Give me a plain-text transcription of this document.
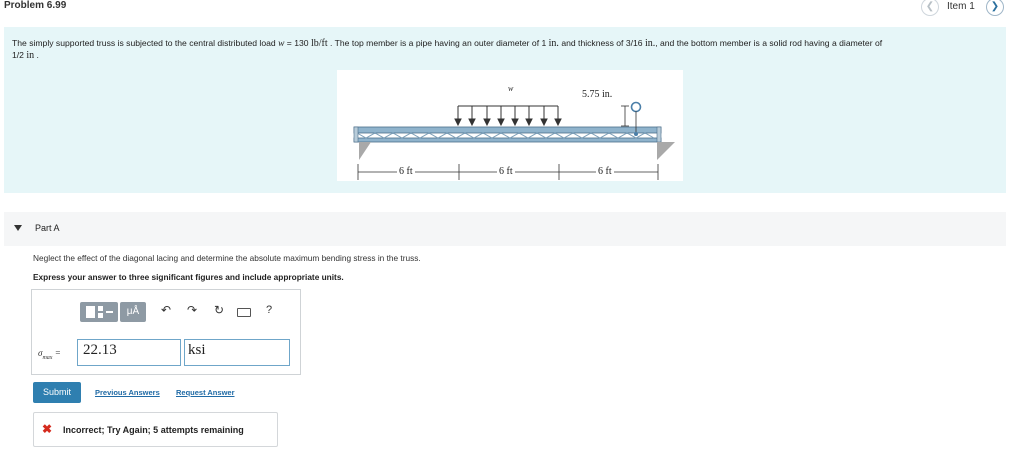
Problem 6.99	❮	Item 1	❯
The simply supported truss is subjected to the central distributed load w = 130 lb/ft . The top member is a pipe having an outer diameter of 1 in. and thickness of 3/16 in., and the bottom member is a solid rod having a diameter of
1/2 in .
w
5.75 in.
6 ft	6 ft	6 ft
Part A
Neglect the effect of the diagonal lacing and determine the absolute maximum bending stress in the truss.
Express your answer to three significant figures and include appropriate units.
μÅ	↶ ↷ ↻	?
$\sigma_{max}$ =	22.13	ksi
Submit	Previous Answers Request Answer
✖ Incorrect; Try Again; 5 attempts remaining
